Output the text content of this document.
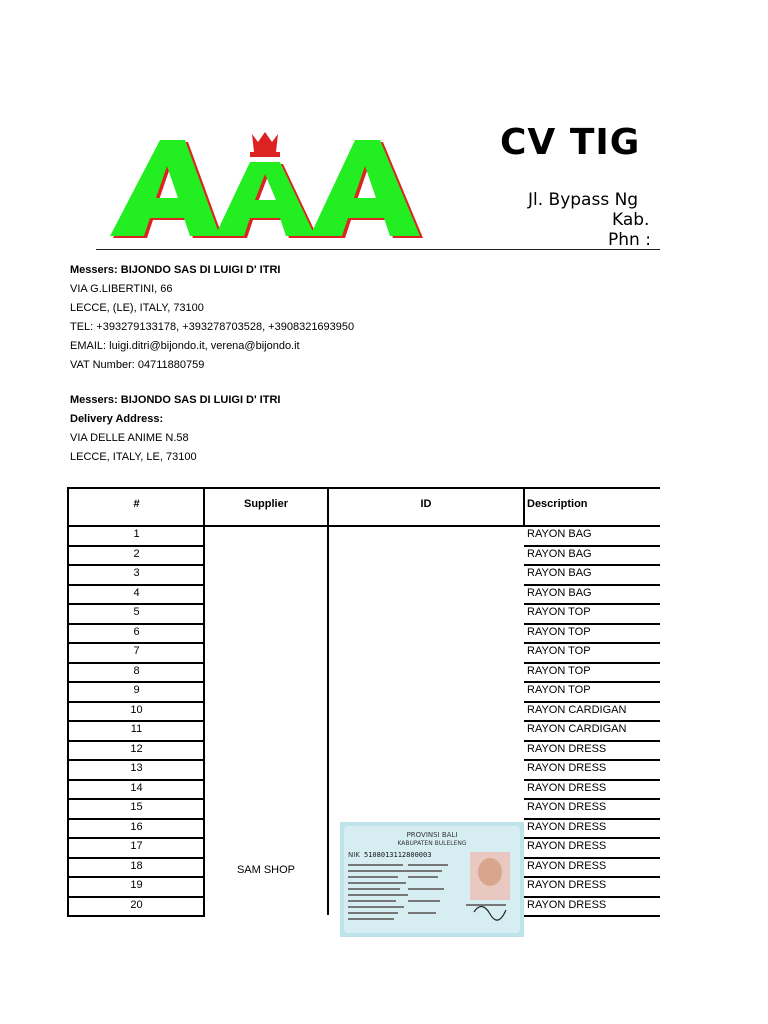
CV TIG
Jl. Bypass Ng
Kab.
Phn :
Messers: BIJONDO SAS DI LUIGI D' ITRI
VIA G.LIBERTINI, 66
LECCE, (LE), ITALY, 73100
TEL: +393279133178, +393278703528, +3908321693950
EMAIL: luigi.ditri@bijondo.it, verena@bijondo.it
VAT Number: 04711880759
Messers: BIJONDO SAS DI LUIGI D' ITRI
Delivery Address:
VIA DELLE ANIME N.58
LECCE, ITALY, LE, 73100
#	Supplier	ID	Description
SAM SHOP
1	RAYON BAG
2	RAYON BAG
3	RAYON BAG
4	RAYON BAG
5	RAYON TOP
6	RAYON TOP
7	RAYON TOP
8	RAYON TOP
9	RAYON TOP
10	RAYON CARDIGAN
11	RAYON CARDIGAN
12	RAYON DRESS
13	RAYON DRESS
14	RAYON DRESS
15	RAYON DRESS
16	RAYON DRESS
17	RAYON DRESS
18	RAYON DRESS
19	RAYON DRESS
20	RAYON DRESS
PROVINSI BALI
KABUPATEN BULELENG
NIK 5108013112800003
